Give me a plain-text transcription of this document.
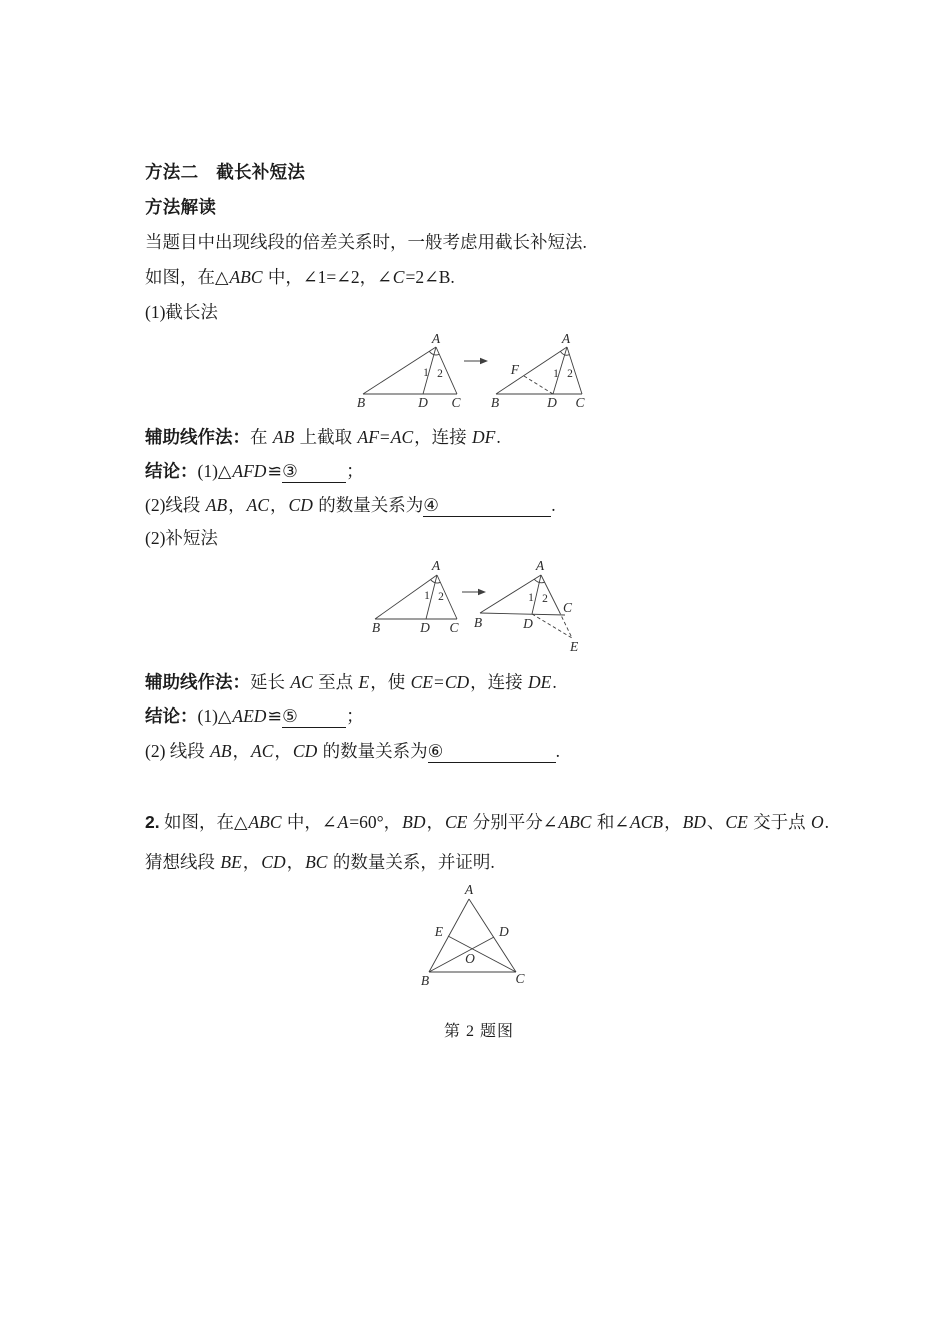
方法二　截长补短法
方法解读
当题目中出现线段的倍差关系时，一般考虑用截长补短法.
如图，在△ABC 中，∠1=∠2，∠C=2∠B.
(1)截长法
辅助线作法：在 AB 上截取 AF=AC，连接 DF.
结论：(1)△AFD≌③	；
(2)线段 AB，AC，CD 的数量关系为④	.
(2)补短法
辅助线作法：延长 AC 至点 E，使 CE=CD，连接 DE.
结论：(1)△AED≌⑤	；
(2) 线段 AB，AC，CD 的数量关系为⑥	.
2. 如图，在△ABC 中，∠A=60°，BD，CE 分别平分∠ABC 和∠ACB，BD、CE 交于点 O.
猜想线段 BE，CD，BC 的数量关系，并证明.
A
B	D C
1 2
A
F
B	D C
1 2
A
B	D C
1 2
A
B	D
C
E
1 2
A
E	D
O
B	C
第 2 题图
